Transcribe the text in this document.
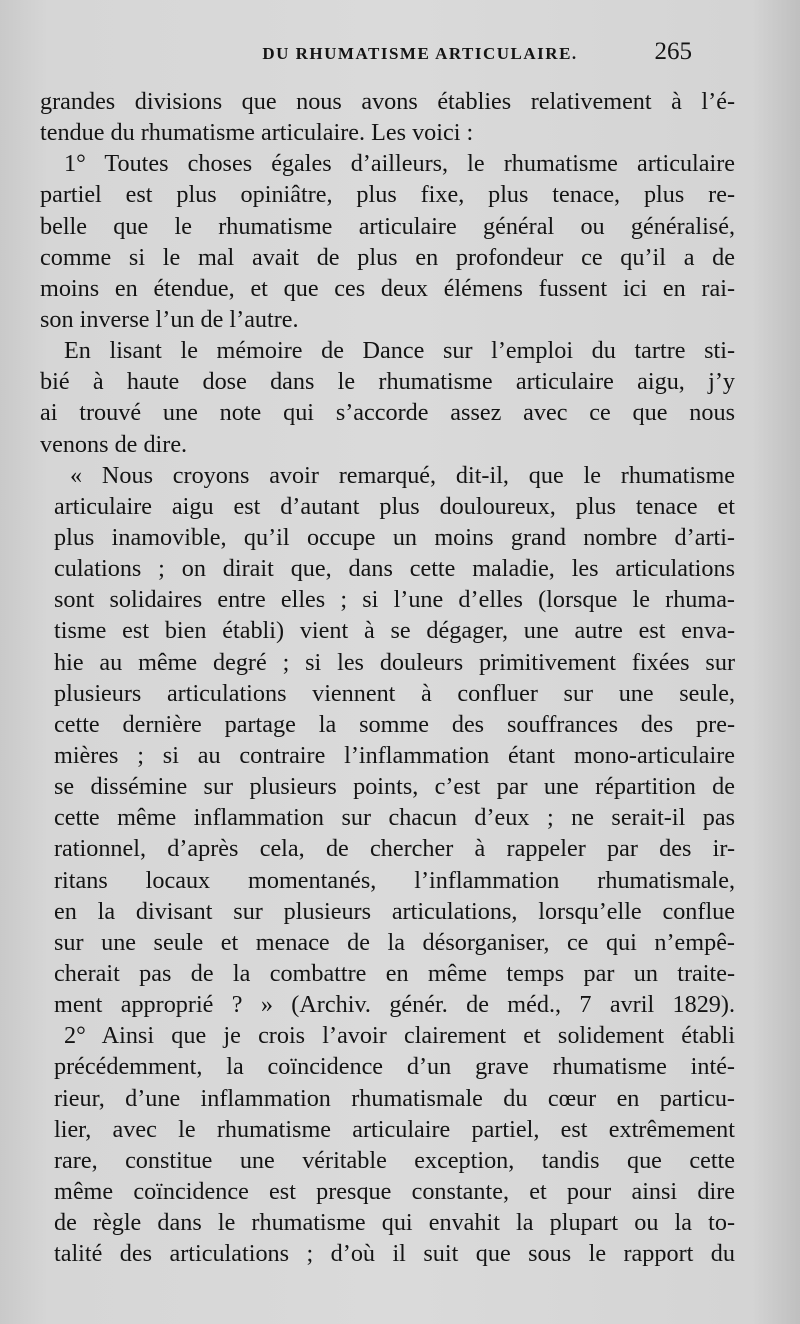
DU RHUMATISME ARTICULAIRE.	265
grandes divisions que nous avons établies relativement à l’é-
tendue du rhumatisme articulaire. Les voici :
1° Toutes choses égales d’ailleurs, le rhumatisme articulaire
partiel est plus opiniâtre, plus fixe, plus tenace, plus re-
belle que le rhumatisme articulaire général ou généralisé,
comme si le mal avait de plus en profondeur ce qu’il a de
moins en étendue, et que ces deux élémens fussent ici en rai-
son inverse l’un de l’autre.
En lisant le mémoire de Dance sur l’emploi du tartre sti-
bié à haute dose dans le rhumatisme articulaire aigu, j’y
ai trouvé une note qui s’accorde assez avec ce que nous
venons de dire.
« Nous croyons avoir remarqué, dit-il, que le rhumatisme
articulaire aigu est d’autant plus douloureux, plus tenace et
plus inamovible, qu’il occupe un moins grand nombre d’arti-
culations ; on dirait que, dans cette maladie, les articulations
sont solidaires entre elles ; si l’une d’elles (lorsque le rhuma-
tisme est bien établi) vient à se dégager, une autre est enva-
hie au même degré ; si les douleurs primitivement fixées sur
plusieurs articulations viennent à confluer sur une seule,
cette dernière partage la somme des souffrances des pre-
mières ; si au contraire l’inflammation étant mono-articulaire
se dissémine sur plusieurs points, c’est par une répartition de
cette même inflammation sur chacun d’eux ; ne serait-il pas
rationnel, d’après cela, de chercher à rappeler par des ir-
ritans locaux momentanés, l’inflammation rhumatismale,
en la divisant sur plusieurs articulations, lorsqu’elle conflue
sur une seule et menace de la désorganiser, ce qui n’empê-
cherait pas de la combattre en même temps par un traite-
ment approprié ? » (Archiv. génér. de méd., 7 avril 1829).
2° Ainsi que je crois l’avoir clairement et solidement établi
précédemment, la coïncidence d’un grave rhumatisme inté-
rieur, d’une inflammation rhumatismale du cœur en particu-
lier, avec le rhumatisme articulaire partiel, est extrêmement
rare, constitue une véritable exception, tandis que cette
même coïncidence est presque constante, et pour ainsi dire
de règle dans le rhumatisme qui envahit la plupart ou la to-
talité des articulations ; d’où il suit que sous le rapport du
